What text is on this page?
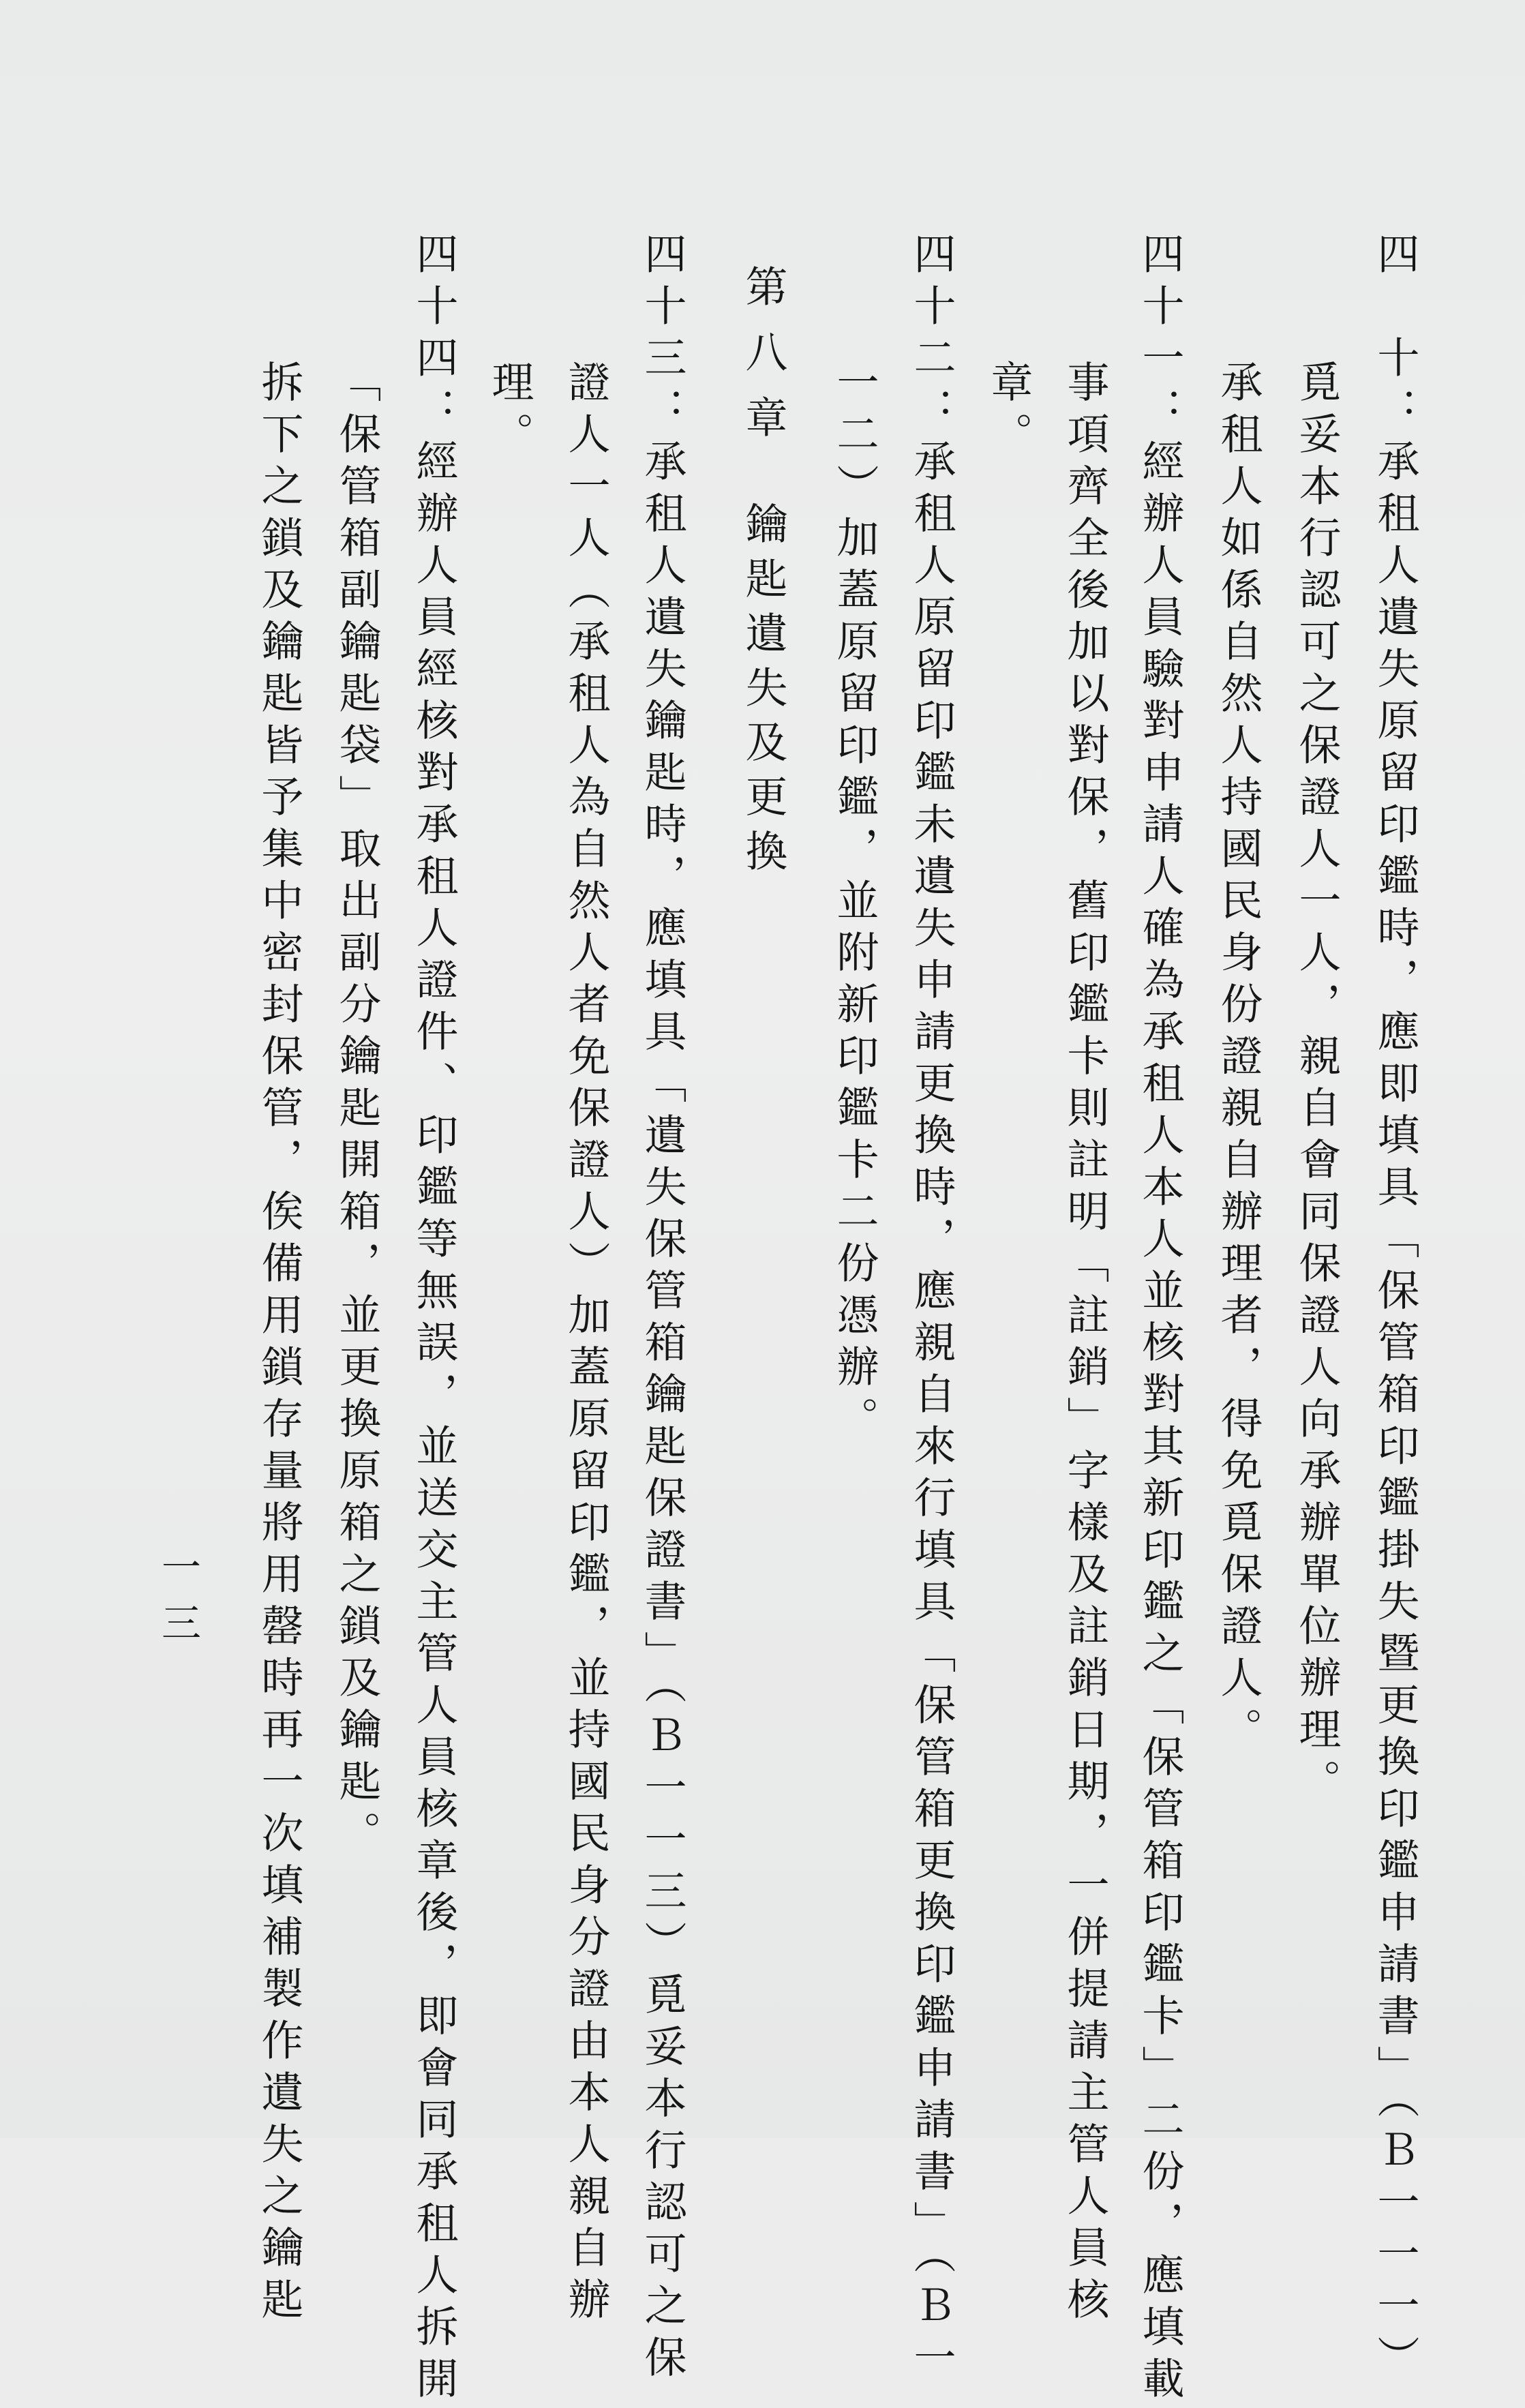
四　十：承租人遺失原留印鑑時，應即填具「保管箱印鑑掛失暨更換印鑑申請書」（Ｂ一一一）
覓妥本行認可之保證人一人，親自會同保證人向承辦單位辦理。
承租人如係自然人持國民身份證親自辦理者，得免覓保證人。
四十一：經辦人員驗對申請人確為承租人本人並核對其新印鑑之「保管箱印鑑卡」二份，應填載
事項齊全後加以對保，舊印鑑卡則註明「註銷」字樣及註銷日期，一併提請主管人員核
章。
四十二：承租人原留印鑑未遺失申請更換時，應親自來行填具「保管箱更換印鑑申請書」（Ｂ一
一二）加蓋原留印鑑，並附新印鑑卡二份憑辦。
第八章鑰匙遺失及更換
四十三：承租人遺失鑰匙時，應填具「遺失保管箱鑰匙保證書」（Ｂ一一三）覓妥本行認可之保
證人一人（承租人為自然人者免保證人）加蓋原留印鑑，並持國民身分證由本人親自辦
理。
四十四：經辦人員經核對承租人證件、印鑑等無誤，並送交主管人員核章後，即會同承租人拆開
「保管箱副鑰匙袋」取出副分鑰匙開箱，並更換原箱之鎖及鑰匙。
拆下之鎖及鑰匙皆予集中密封保管，俟備用鎖存量將用罄時再一次填補製作遺失之鑰匙
一三
